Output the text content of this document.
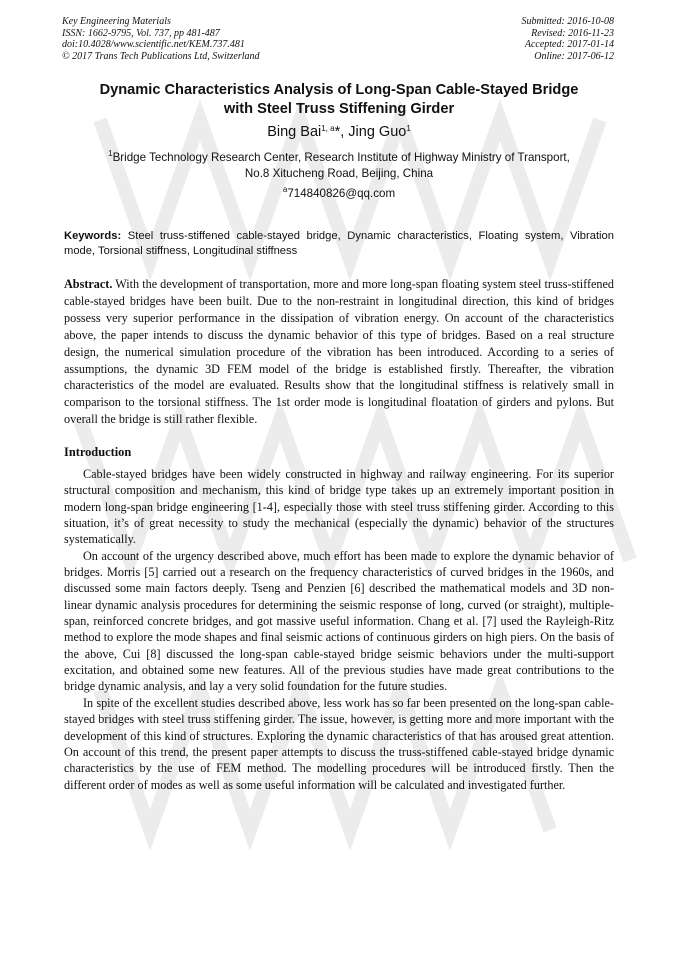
Key Engineering Materials
ISSN: 1662-9795, Vol. 737, pp 481-487
doi:10.4028/www.scientific.net/KEM.737.481
© 2017 Trans Tech Publications Ltd, Switzerland
Submitted: 2016-10-08
Revised: 2016-11-23
Accepted: 2017-01-14
Online: 2017-06-12
Dynamic Characteristics Analysis of Long-Span Cable-Stayed Bridge
with Steel Truss Stiffening Girder
Bing Bai$^{1, a}$*, Jing Guo$^1$
$^1$Bridge Technology Research Center, Research Institute of Highway Ministry of Transport,
No.8 Xitucheng Road, Beijing, China
$^a$714840826@qq.com
Keywords: Steel truss-stiffened cable-stayed bridge, Dynamic characteristics, Floating system, Vibration mode, Torsional stiffness, Longitudinal stiffness
Abstract. With the development of transportation, more and more long-span floating system steel truss-stiffened cable-stayed bridges have been built. Due to the non-restraint in longitudinal direction, this kind of bridges possess very superior performance in the dissipation of vibration energy. On account of the characteristics above, the paper intends to discuss the dynamic behavior of this type of bridges. Based on a real structure design, the numerical simulation procedure of the vibration has been introduced. According to a series of assumptions, the dynamic 3D FEM model of the bridge is established firstly. Thereafter, the vibration characteristics of the model are evaluated. Results show that the longitudinal stiffness is relatively small in comparison to the torsional stiffness. The 1st order mode is longitudinal floatation of girders and pylons. But overall the bridge is still rather flexible.
Introduction

Cable-stayed bridges have been widely constructed in highway and railway engineering. For its superior structural composition and mechanism, this kind of bridge type takes up an extremely important position in modern long-span bridge engineering [1-4], especially those with steel truss stiffening girder. According to this situation, it’s of great necessity to study the mechanical (especially the dynamic) behavior of the structures systematically.

On account of the urgency described above, much effort has been made to explore the dynamic behavior of bridges. Morris [5] carried out a research on the frequency characteristics of curved bridges in the 1960s, and discussed some main factors deeply. Tseng and Penzien [6] described the mathematical models and 3D non-linear dynamic analysis procedures for determining the seismic response of long, curved (or straight), multiple-span, reinforced concrete bridges, and got massive useful information. Chang et al. [7] used the Rayleigh-Ritz method to explore the mode shapes and final seismic actions of continuous girders on high piers. On the basis of the above, Cui [8] discussed the long-span cable-stayed bridge seismic behaviors under the multi-support excitation, and obtained some new features. All of the previous studies have made great contributions to the bridge dynamic analysis, and lay a very solid foundation for the future studies.

In spite of the excellent studies described above, less work has so far been presented on the long-span cable-stayed bridges with steel truss stiffening girder. The issue, however, is getting more and more important with the development of this kind of structures. Exploring the dynamic characteristics of that has aroused great attention. On account of this trend, the present paper attempts to discuss the truss-stiffened cable-stayed bridge dynamic characteristics by the use of FEM method. The modelling procedures will be introduced firstly. Then the different order of modes as well as some useful information will be calculated and investigated further.
